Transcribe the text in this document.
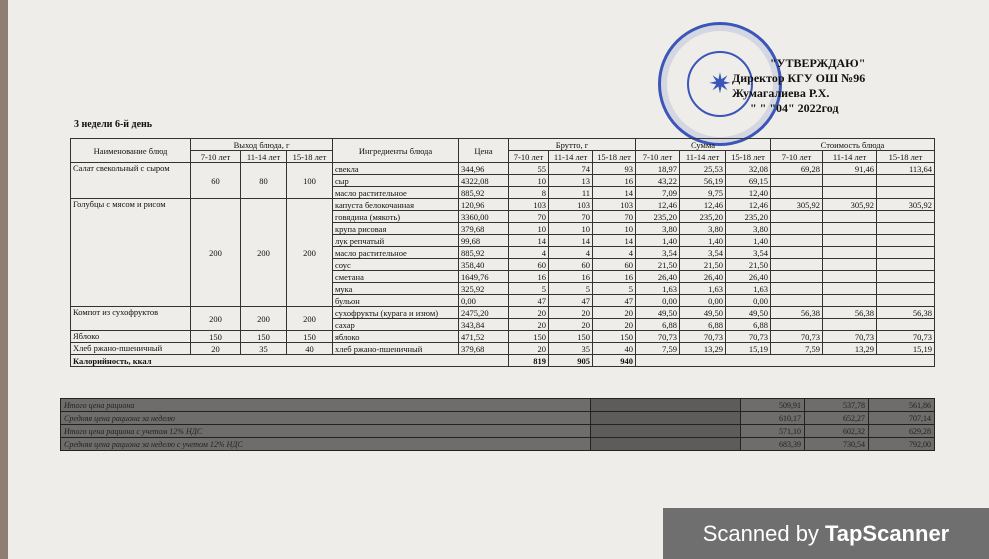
✷
"УТВЕРЖДАЮ"
Директор КГУ ОШ №96
Жумагалиева Р.Х.
" " "04" 2022год
3 недели 6-й день
Наименование блюд	Выход блюда, г			Ингредиенты блюда	Цена	Брутто, г			Сумма			Стоимость блюда		
	7-10 лет	11-14 лет	15-18 лет			7-10 лет	11-14 лет	15-18 лет	7-10 лет	11-14 лет	15-18 лет	7-10 лет	11-14 лет	15-18 лет
Салат свекольный с сыром	60	80	100	свекла	344,96	55	74	93	18,97	25,53	32,08	69,28	91,46	113,64
				сыр	4322,08	10	13	16	43,22	56,19	69,15			
				масло растительное	885,92	8	11	14	7,09	9,75	12,40			
Голубцы с мясом и рисом	200	200	200	капуста белокочанная	120,96	103	103	103	12,46	12,46	12,46	305,92	305,92	305,92
				говядина (мякоть)	3360,00	70	70	70	235,20	235,20	235,20			
				крупа рисовая	379,68	10	10	10	3,80	3,80	3,80			
				лук репчатый	99,68	14	14	14	1,40	1,40	1,40			
				масло растительное	885,92	4	4	4	3,54	3,54	3,54			
				соус	358,40	60	60	60	21,50	21,50	21,50			
				сметана	1649,76	16	16	16	26,40	26,40	26,40			
				мука	325,92	5	5	5	1,63	1,63	1,63			
				бульон	0,00	47	47	47	0,00	0,00	0,00			
Компот из сухофруктов	200	200	200	сухофрукты (курага и изюм)	2475,20	20	20	20	49,50	49,50	49,50	56,38	56,38	56,38
				сахар	343,84	20	20	20	6,88	6,88	6,88			
Яблоко	150	150	150	яблоко	471,52	150	150	150	70,73	70,73	70,73	70,73	70,73	70,73
Хлеб ржано-пшеничный	20	35	40	хлеб ржано-пшеничный	379,68	20	35	40	7,59	13,29	15,19	7,59	13,29	15,19
Калорийность, ккал						819	905	940						
Итого цена рациона		509,91	537,78	561,86
Средняя цена рациона за неделю		610,17	652,27	707,14
Итого цена рациона с учетом 12% НДС		571,10	602,32	629,28
Средняя цена рациона за неделю с учетом 12% НДС		683,39	730,54	792,00
Scanned by TapScanner
